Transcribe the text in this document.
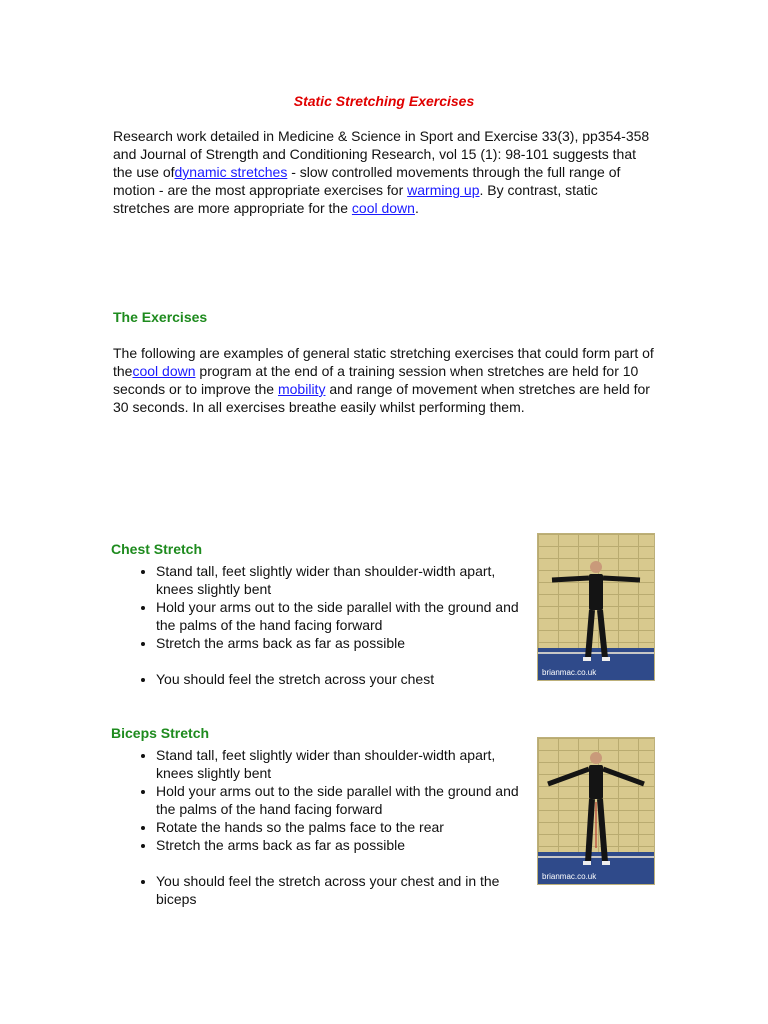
Static Stretching Exercises

Research work detailed in Medicine & Science in Sport and Exercise 33(3), pp354-358 and Journal of Strength and Conditioning Research, vol 15 (1): 98-101 suggests that the use ofdynamic stretches - slow controlled movements through the full range of motion - are the most appropriate exercises for warming up. By contrast, static stretches are more appropriate for the cool down.

The Exercises

The following are examples of general static stretching exercises that could form part of thecool down program at the end of a training session when stretches are held for 10 seconds or to improve the mobility and range of movement when stretches are held for 30 seconds. In all exercises breathe easily whilst performing them.

Chest Stretch
• Stand tall, feet slightly wider than shoulder-width apart, knees slightly bent
• Hold your arms out to the side parallel with the ground and the palms of the hand facing forward
• Stretch the arms back as far as possible
• You should feel the stretch across your chest	brianmac.co.uk
Biceps Stretch
• Stand tall, feet slightly wider than shoulder-width apart, knees slightly bent
• Hold your arms out to the side parallel with the ground and the palms of the hand facing forward
• Rotate the hands so the palms face to the rear
• Stretch the arms back as far as possible
• You should feel the stretch across your chest and in the biceps
brianmac.co.uk
